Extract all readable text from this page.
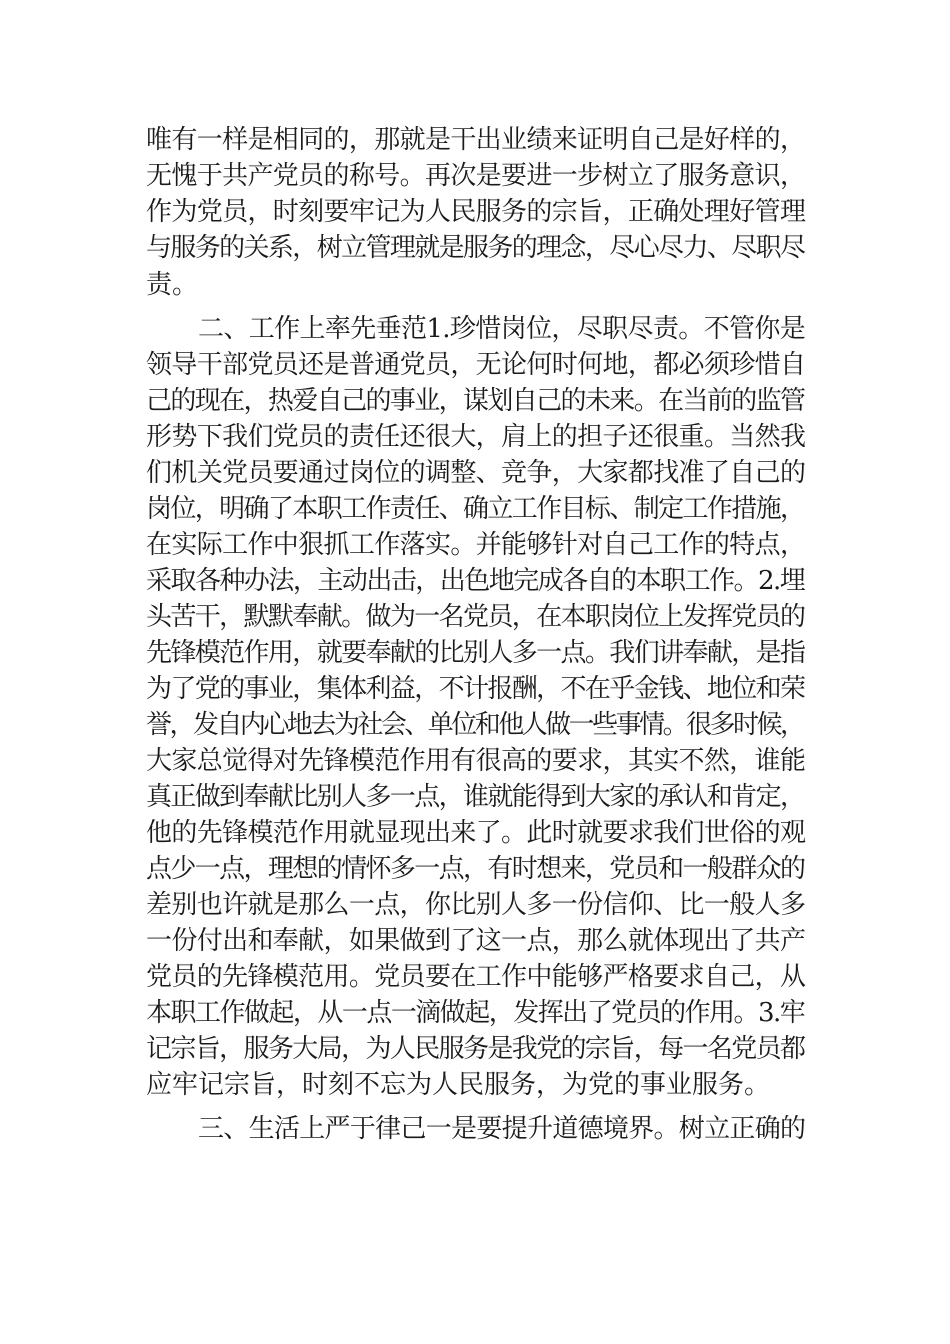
唯有一样是相同的，那就是干出业绩来证明自己是好样的，
无愧于共产党员的称号。再次是要进一步树立了服务意识，
作为党员，时刻要牢记为人民服务的宗旨，正确处理好管理
与服务的关系，树立管理就是服务的理念，尽心尽力、尽职尽
责。
二、工作上率先垂范1.珍惜岗位，尽职尽责。不管你是
领导干部党员还是普通党员，无论何时何地，都必须珍惜自
己的现在，热爱自己的事业，谋划自己的未来。在当前的监管
形势下我们党员的责任还很大，肩上的担子还很重。当然我
们机关党员要通过岗位的调整、竞争，大家都找准了自己的
岗位，明确了本职工作责任、确立工作目标、制定工作措施，
在实际工作中狠抓工作落实。并能够针对自己工作的特点，
采取各种办法，主动出击，出色地完成各自的本职工作。2.埋
头苦干，默默奉献。做为一名党员，在本职岗位上发挥党员的
先锋模范作用，就要奉献的比别人多一点。我们讲奉献，是指
为了党的事业，集体利益，不计报酬，不在乎金钱、地位和荣
誉，发自内心地去为社会、单位和他人做一些事情。很多时候，
大家总觉得对先锋模范作用有很高的要求，其实不然，谁能
真正做到奉献比别人多一点，谁就能得到大家的承认和肯定，
他的先锋模范作用就显现出来了。此时就要求我们世俗的观
点少一点，理想的情怀多一点，有时想来，党员和一般群众的
差别也许就是那么一点，你比别人多一份信仰、比一般人多
一份付出和奉献，如果做到了这一点，那么就体现出了共产
党员的先锋模范用。党员要在工作中能够严格要求自己，从
本职工作做起，从一点一滴做起，发挥出了党员的作用。3.牢
记宗旨，服务大局，为人民服务是我党的宗旨，每一名党员都
应牢记宗旨，时刻不忘为人民服务，为党的事业服务。
三、生活上严于律己一是要提升道德境界。树立正确的
